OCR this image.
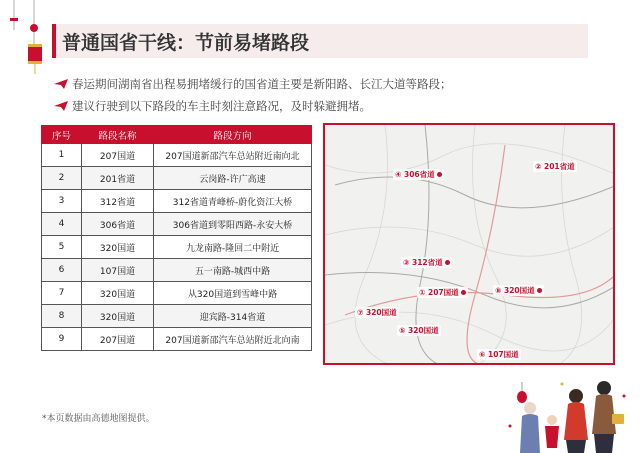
普通国省干线：节前易堵路段
春运期间湖南省出程易拥堵缓行的国省道主要是新阳路、长江大道等路段；
建议行驶到以下路段的车主时刻注意路况，及时躲避拥堵。
序号	路段名称	路段方向
1	207国道	207国道新邵汽车总站附近南向北
2	201省道	云岗路-许广高速
3	312省道	312省道青峰桥-蔚化资江大桥
4	306省道	306省道到零阳西路-永安大桥
5	320国道	九龙南路-隆回二中附近
6	107国道	五一南路-城西中路
7	320国道	从320国道到雪峰中路
8	320国道	迎宾路-314省道
9	207国道	207国道新邵汽车总站附近北向南
④ 306省道
② 201省道
③ 312省道
① 207国道	⑧ 320国道
⑦ 320国道
⑤ 320国道
⑥ 107国道
*本页数据由高德地图提供。
